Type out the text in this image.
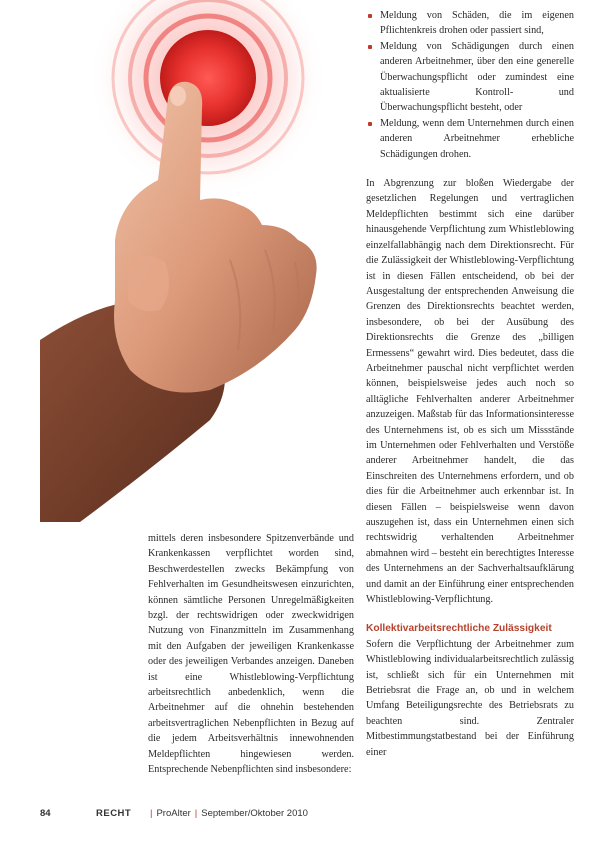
Meldung von Schäden, die im eigenen Pflichtenkreis drohen oder passiert sind,
Meldung von Schädigungen durch einen anderen Arbeitnehmer, über den eine generelle Überwachungspflicht oder zumindest eine aktualisierte Kontroll- und Überwachungspflicht besteht, oder
Meldung, wenn dem Unternehmen durch einen anderen Arbeitnehmer erhebliche Schädigungen drohen.

In Abgrenzung zur bloßen Wiedergabe der gesetzlichen Regelungen und vertraglichen Meldepflichten bestimmt sich eine darüber hinausgehende Verpflichtung zum Whistleblowing einzelfallabhängig nach dem Direktionsrecht. Für die Zulässigkeit der Whistleblowing-Verpflichtung ist in diesen Fällen entscheidend, ob bei der Ausgestaltung der entsprechenden Anweisung die Grenzen des Direktionsrechts beachtet werden, insbesondere, ob bei der Ausübung des Direktionsrechts die Grenze des „billigen Ermessens“ gewahrt wird. Dies bedeutet, dass die Arbeitnehmer pauschal nicht verpflichtet werden können, beispielsweise jedes auch noch so alltägliche Fehlverhalten anderer Arbeitnehmer anzuzeigen. Maßstab für das Informationsinteresse des Unternehmens ist, ob es sich um Missstände im Unternehmen oder Fehlverhalten und Verstöße anderer Arbeitnehmer handelt, die das Einschreiten des Unternehmens erfordern, und ob dies für die Arbeitnehmer auch erkennbar ist. In diesen Fällen – beispielsweise wenn davon auszugehen ist, dass ein Unternehmen einen sich rechtswidrig verhaltenden Arbeitnehmer abmahnen wird – besteht ein berechtigtes Interesse des Unternehmens an der Sachverhaltsaufklärung und damit an der Einführung einer entsprechenden Whistleblowing-Verpflichtung.

Kollektivarbeitsrechtliche Zulässigkeit

Sofern die Verpflichtung der Arbeitnehmer zum Whistleblowing individualarbeitsrechtlich zulässig ist, schließt sich für ein Unternehmen mit Betriebsrat die Frage an, ob und in welchem Umfang Beteiligungsrechte des Betriebsrats zu beachten sind. Zentraler Mitbestimmungstatbestand bei der Einführung einer

mittels deren insbesondere Spitzenverbände und Krankenkassen verpflichtet worden sind, Beschwerdestellen zwecks Bekämpfung von Fehlverhalten im Gesundheitswesen einzurichten, können sämtliche Personen Unregelmäßigkeiten bzgl. der rechtswidrigen oder zweckwidrigen Nutzung von Finanzmitteln im Zusammenhang mit den Aufgaben der jeweiligen Krankenkasse oder des jeweiligen Verbandes anzeigen. Daneben ist eine Whistleblowing-Verpflichtung arbeitsrechtlich anbedenklich, wenn die Arbeitnehmer auf die ohnehin bestehenden arbeitsvertraglichen Nebenpflichten in Bezug auf die jedem Arbeitsverhältnis innewohnenden Meldepflichten hingewiesen werden. Entsprechende Nebenpflichten sind insbesondere:

84	RECHT	| ProAlter | September/Oktober 2010
